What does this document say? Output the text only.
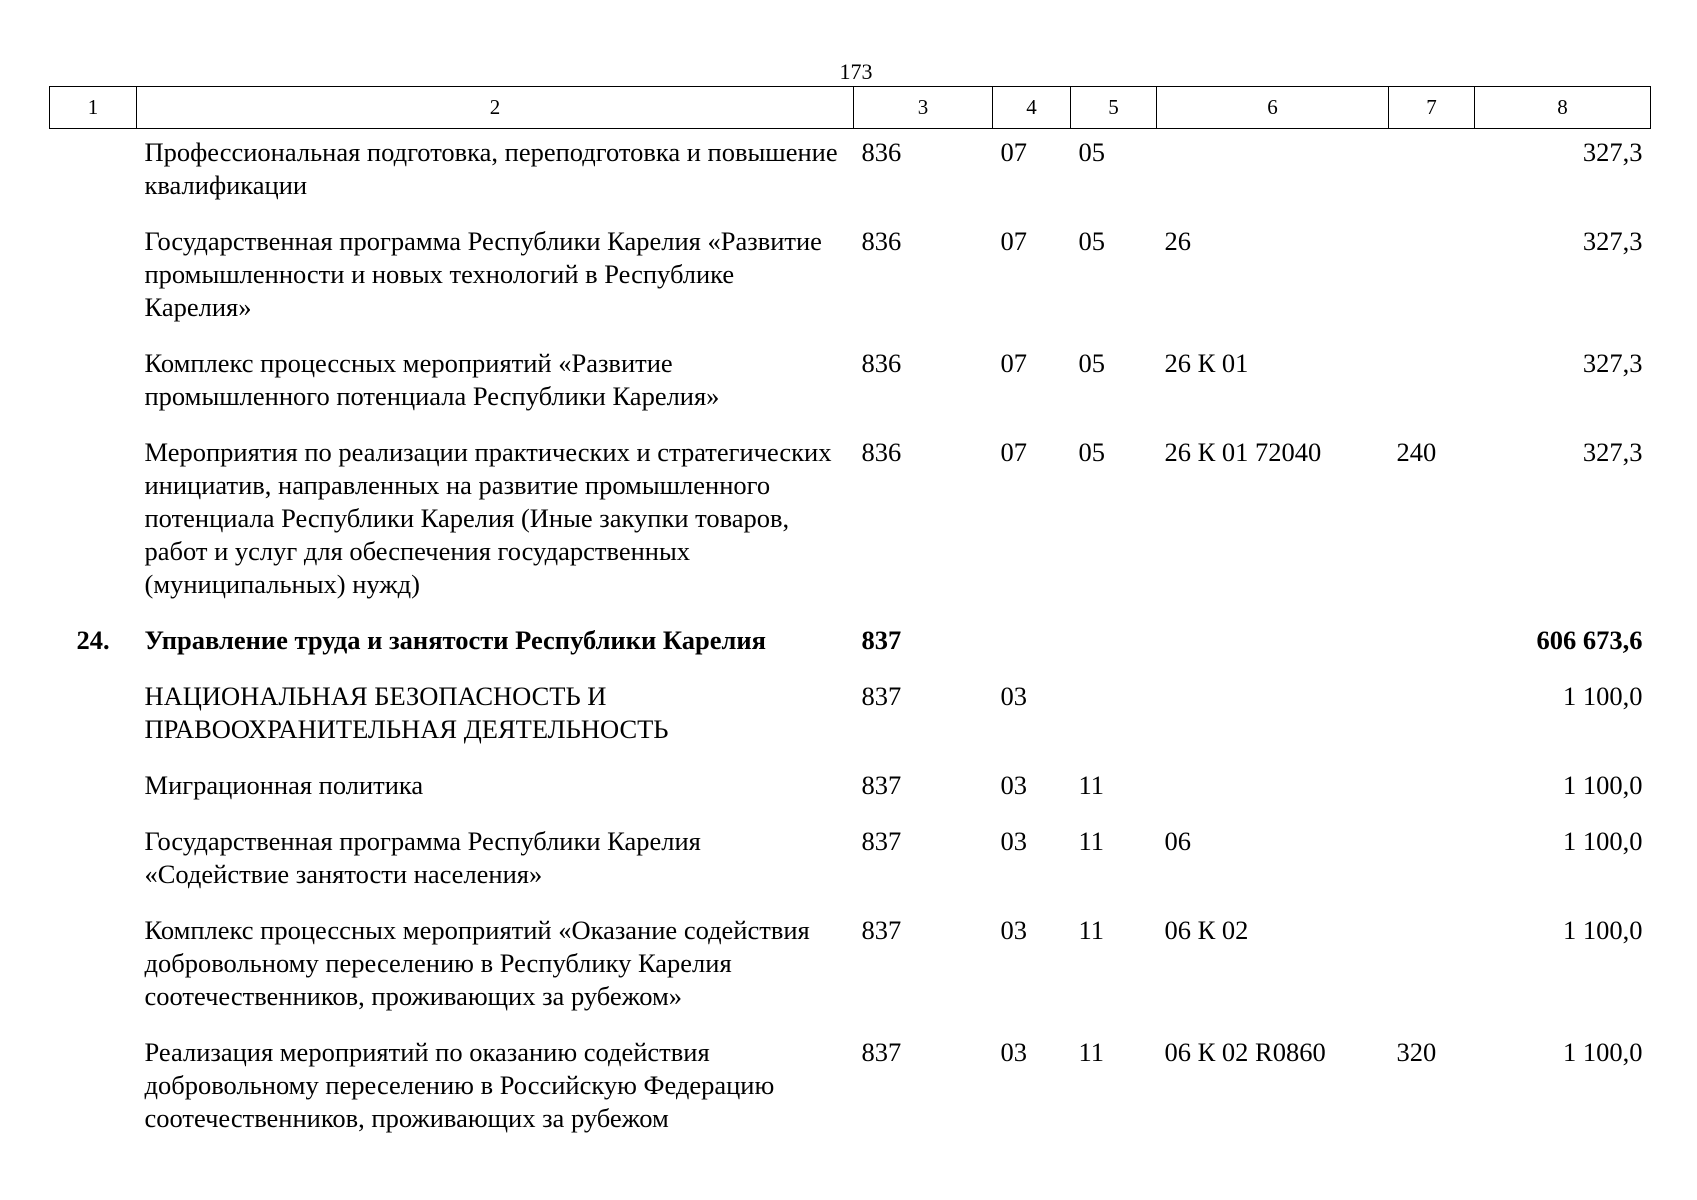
173
1	2	3	4	5	6	7	8
	Профессиональная подготовка, переподготовка и повышение квалификации	836	07	05			327,3
	Государственная программа Республики Карелия «Развитие промышленности и новых технологий в Республике Карелия»	836	07	05	26		327,3
	Комплекс процессных мероприятий «Развитие промышленного потенциала Республики Карелия»	836	07	05	26 К 01		327,3
	Мероприятия по реализации практических и стратегических инициатив, направленных на развитие промышленного потенциала Республики Карелия (Иные закупки товаров, работ и услуг для обеспечения государственных (муниципальных) нужд)	836	07	05	26 К 01 72040	240	327,3
24.	Управление труда и занятости Республики Карелия	837					606 673,6
	НАЦИОНАЛЬНАЯ БЕЗОПАСНОСТЬ И ПРАВООХРАНИТЕЛЬНАЯ ДЕЯТЕЛЬНОСТЬ	837	03				1 100,0
	Миграционная политика	837	03	11			1 100,0
	Государственная программа Республики Карелия «Содействие занятости населения»	837	03	11	06		1 100,0
	Комплекс процессных мероприятий «Оказание содействия добровольному переселению в Республику Карелия соотечественников, проживающих за рубежом»	837	03	11	06 К 02		1 100,0
	Реализация мероприятий по оказанию содействия добровольному переселению в Российскую Федерацию соотечественников, проживающих за рубежом	837	03	11	06 К 02 R0860	320	1 100,0
